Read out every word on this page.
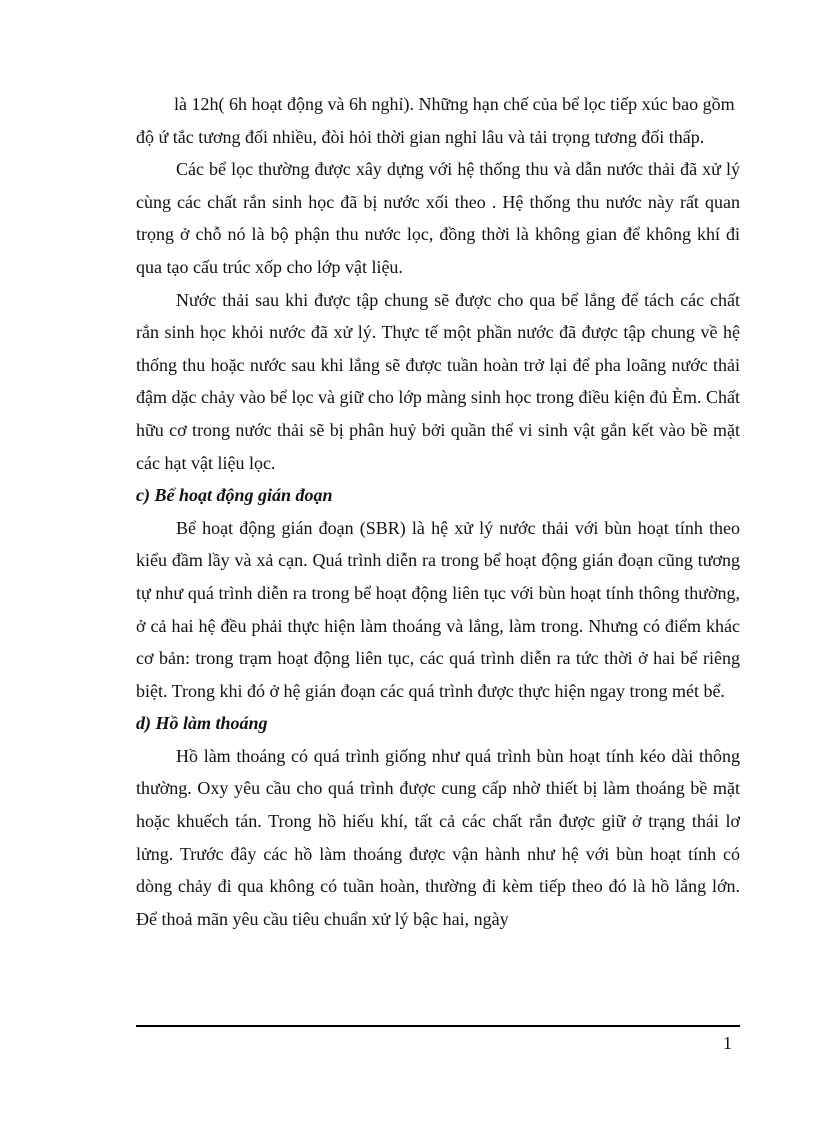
là 12h( 6h hoạt động và 6h nghỉ). Những hạn chế của bể lọc tiếp xúc bao gồm độ ứ tắc tương đối nhiều, đòi hỏi thời gian nghỉ lâu và tải trọng tương đối thấp.

Các bể lọc thường được xây dựng với hệ thống thu và dẫn nước thải đã xử lý cùng các chất rắn sinh học đã bị nước xối theo . Hệ thống thu nước này rất quan trọng ở chỗ nó là bộ phận thu nước lọc, đồng thời là không gian để không khí đi qua tạo cấu trúc xốp cho lớp vật liệu.

Nước thải sau khi được tập chung sẽ được cho qua bể lắng để tách các chất rắn sinh học khỏi nước đã xử lý. Thực tế một phần nước đã được tập chung về hệ thống thu hoặc nước sau khi lắng sẽ được tuần hoàn trở lại để pha loãng nước thải đậm dặc chảy vào bể lọc và giữ cho lớp màng sinh học trong điều kiện đủ Èm. Chất hữu cơ trong nước thải sẽ bị phân huỷ bởi quần thể vi sinh vật gắn kết vào bề mặt các hạt vật liệu lọc.

c) Bể hoạt động gián đoạn

Bể hoạt động gián đoạn (SBR) là hệ xử lý nước thải với bùn hoạt tính theo kiểu đầm lầy và xả cạn. Quá trình diễn ra trong bể hoạt động gián đoạn cũng tương tự như quá trình diễn ra trong bể hoạt động liên tục với bùn hoạt tính thông thường, ở cả hai hệ đều phải thực hiện làm thoáng và lắng, làm trong. Nhưng có điểm khác cơ bản: trong trạm hoạt động liên tục, các quá trình diễn ra tức thời ở hai bể riêng biệt. Trong khi đó ở hệ gián đoạn các quá trình được thực hiện ngay trong mét bể.

d) Hồ làm thoáng

Hồ làm thoáng có quá trình giống như quá trình bùn hoạt tính kéo dài thông thường. Oxy yêu cầu cho quá trình được cung cấp nhờ thiết bị làm thoáng bề mặt hoặc khuếch tán. Trong hồ hiếu khí, tất cả các chất rắn được giữ ở trạng thái lơ lửng. Trước đây các hồ làm thoáng được vận hành như hệ với bùn hoạt tính có dòng chảy đi qua không có tuần hoàn, thường đi kèm tiếp theo đó là hồ lắng lớn. Để thoả mãn yêu cầu tiêu chuẩn xử lý bậc hai, ngày

1
